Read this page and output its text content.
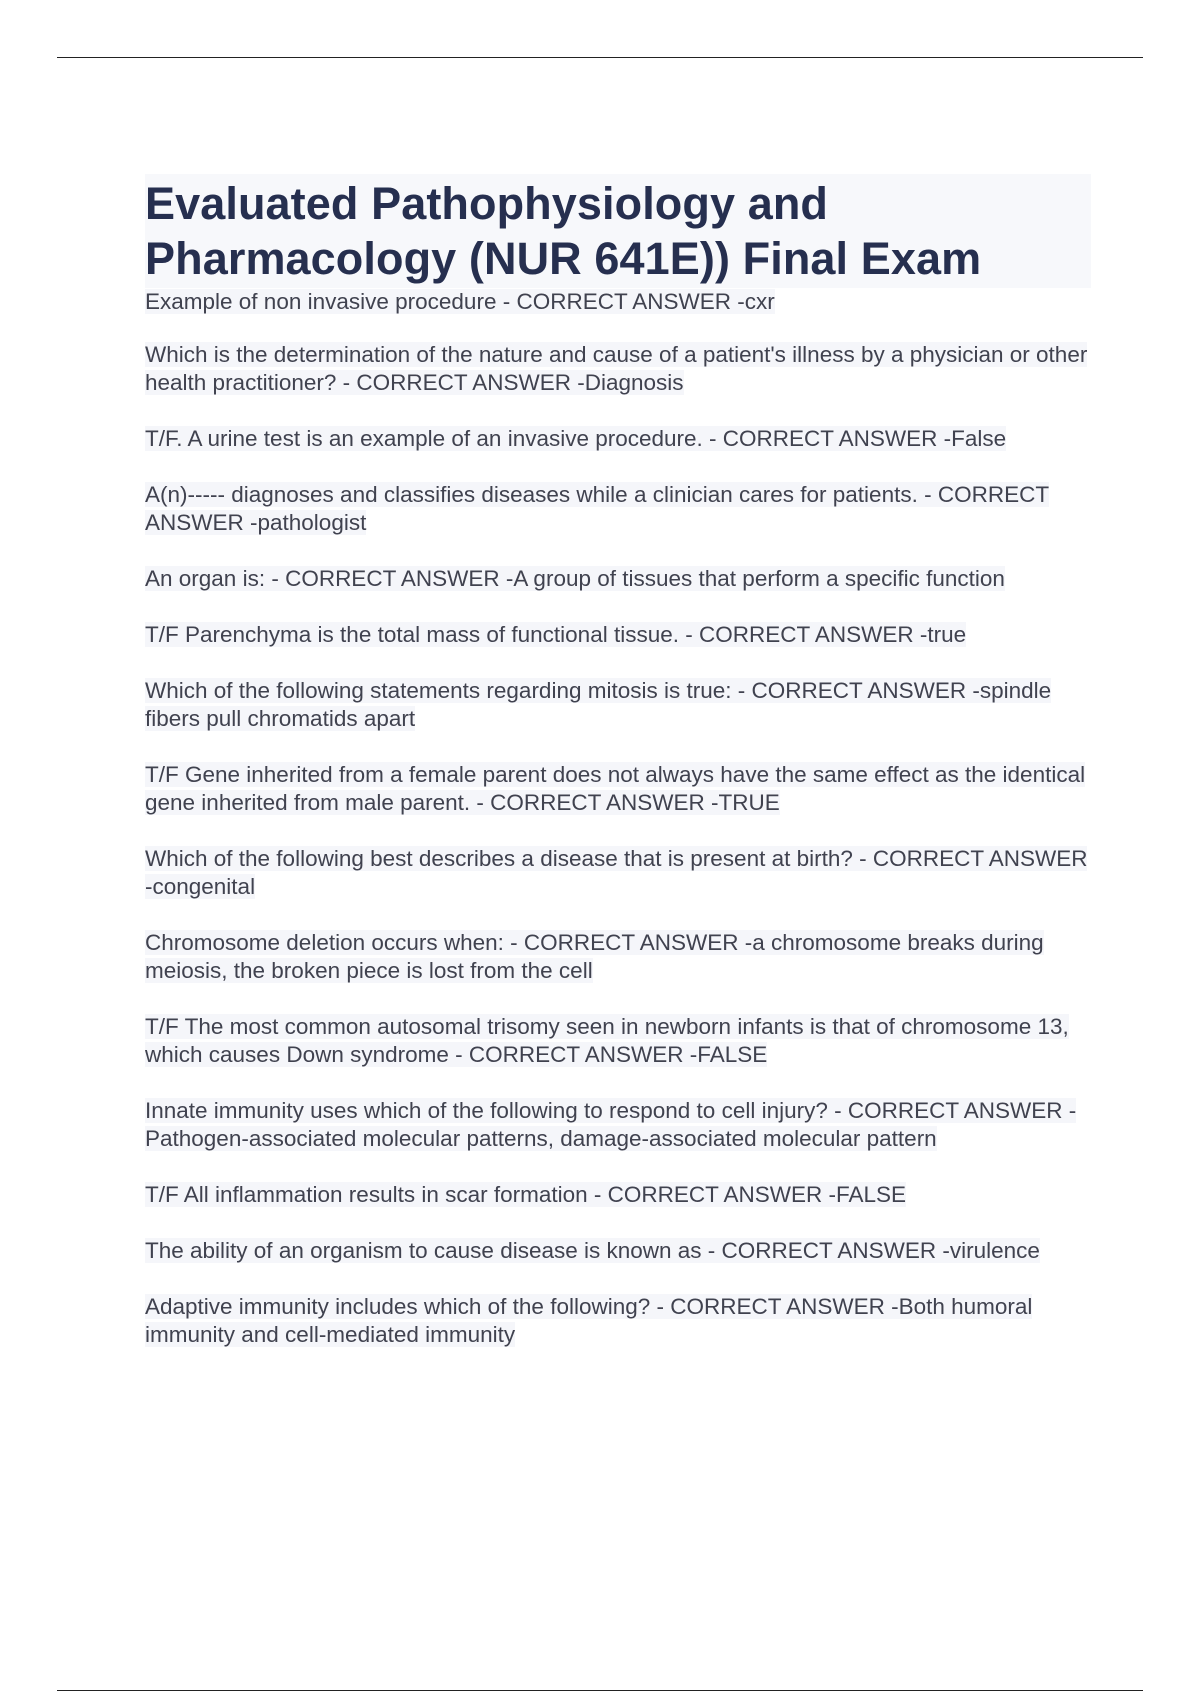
Evaluated Pathophysiology and Pharmacology (NUR 641E)) Final Exam

Example of non invasive procedure - CORRECT ANSWER -cxr

Which is the determination of the nature and cause of a patient's illness by a physician or other health practitioner? - CORRECT ANSWER -Diagnosis

T/F. A urine test is an example of an invasive procedure. - CORRECT ANSWER -False

A(n)----- diagnoses and classifies diseases while a clinician cares for patients. - CORRECT ANSWER -pathologist

An organ is: - CORRECT ANSWER -A group of tissues that perform a specific function

T/F Parenchyma is the total mass of functional tissue. - CORRECT ANSWER -true

Which of the following statements regarding mitosis is true: - CORRECT ANSWER -spindle fibers pull chromatids apart

T/F Gene inherited from a female parent does not always have the same effect as the identical gene inherited from male parent. - CORRECT ANSWER -TRUE

Which of the following best describes a disease that is present at birth? - CORRECT ANSWER -congenital

Chromosome deletion occurs when: - CORRECT ANSWER -a chromosome breaks during meiosis, the broken piece is lost from the cell

T/F The most common autosomal trisomy seen in newborn infants is that of chromosome 13, which causes Down syndrome - CORRECT ANSWER -FALSE

Innate immunity uses which of the following to respond to cell injury? - CORRECT ANSWER -Pathogen-associated molecular patterns, damage-associated molecular pattern

T/F All inflammation results in scar formation - CORRECT ANSWER -FALSE

The ability of an organism to cause disease is known as - CORRECT ANSWER -virulence

Adaptive immunity includes which of the following? - CORRECT ANSWER -Both humoral immunity and cell-mediated immunity
